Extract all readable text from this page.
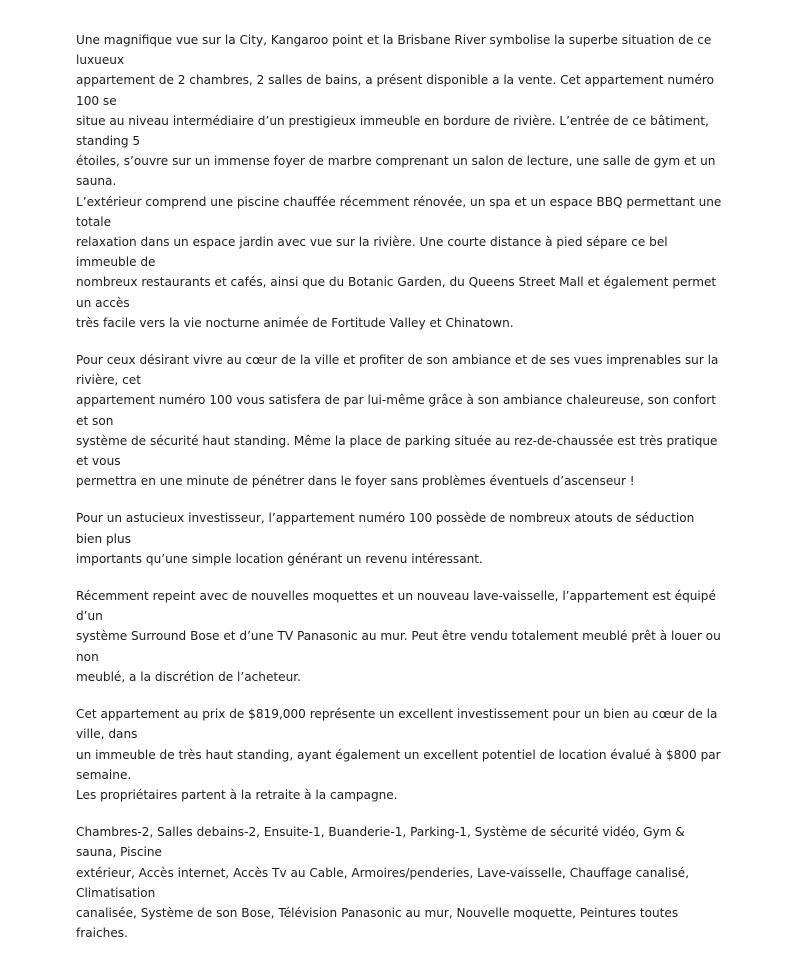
Une magnifique vue sur la City, Kangaroo point et la Brisbane River symbolise la superbe situation de ce luxueux
appartement de 2 chambres, 2 salles de bains, a présent disponible a la vente. Cet appartement numéro 100 se
situe au niveau intermédiaire d’un prestigieux immeuble en bordure de rivière. L’entrée de ce bâtiment, standing 5
étoiles, s’ouvre sur un immense foyer de marbre comprenant un salon de lecture, une salle de gym et un sauna.
L’extérieur comprend une piscine chauffée récemment rénovée, un spa et un espace BBQ permettant une totale
relaxation dans un espace jardin avec vue sur la rivière. Une courte distance à pied sépare ce bel immeuble de
nombreux restaurants et cafés, ainsi que du Botanic Garden, du Queens Street Mall et également permet un accès
très facile vers la vie nocturne animée de Fortitude Valley et Chinatown.

Pour ceux désirant vivre au cœur de la ville et profiter de son ambiance et de ses vues imprenables sur la rivière, cet
appartement numéro 100 vous satisfera de par lui-même grâce à son ambiance chaleureuse, son confort et son
système de sécurité haut standing. Même la place de parking située au rez-de-chaussée est très pratique et vous
permettra en une minute de pénétrer dans le foyer sans problèmes éventuels d’ascenseur !

Pour un astucieux investisseur, l’appartement numéro 100 possède de nombreux atouts de séduction bien plus
importants qu’une simple location générant un revenu intéressant.

Récemment repeint avec de nouvelles moquettes et un nouveau lave-vaisselle, l’appartement est équipé d’un
système Surround Bose et d’une TV Panasonic au mur. Peut être vendu totalement meublé prêt à louer ou non
meublé, a la discrétion de l’acheteur.

Cet appartement au prix de $819,000 représente un excellent investissement pour un bien au cœur de la ville, dans
un immeuble de très haut standing, ayant également un excellent potentiel de location évalué à $800 par semaine.
Les propriétaires partent à la retraite à la campagne.

Chambres-2, Salles debains-2, Ensuite-1, Buanderie-1, Parking-1, Système de sécurité vidéo, Gym & sauna, Piscine
extérieur, Accès internet, Accès Tv au Cable, Armoires/penderies, Lave-vaisselle, Chauffage canalisé, Climatisation
canalisée, Système de son Bose, Télévision Panasonic au mur, Nouvelle moquette, Peintures toutes fraiches.
